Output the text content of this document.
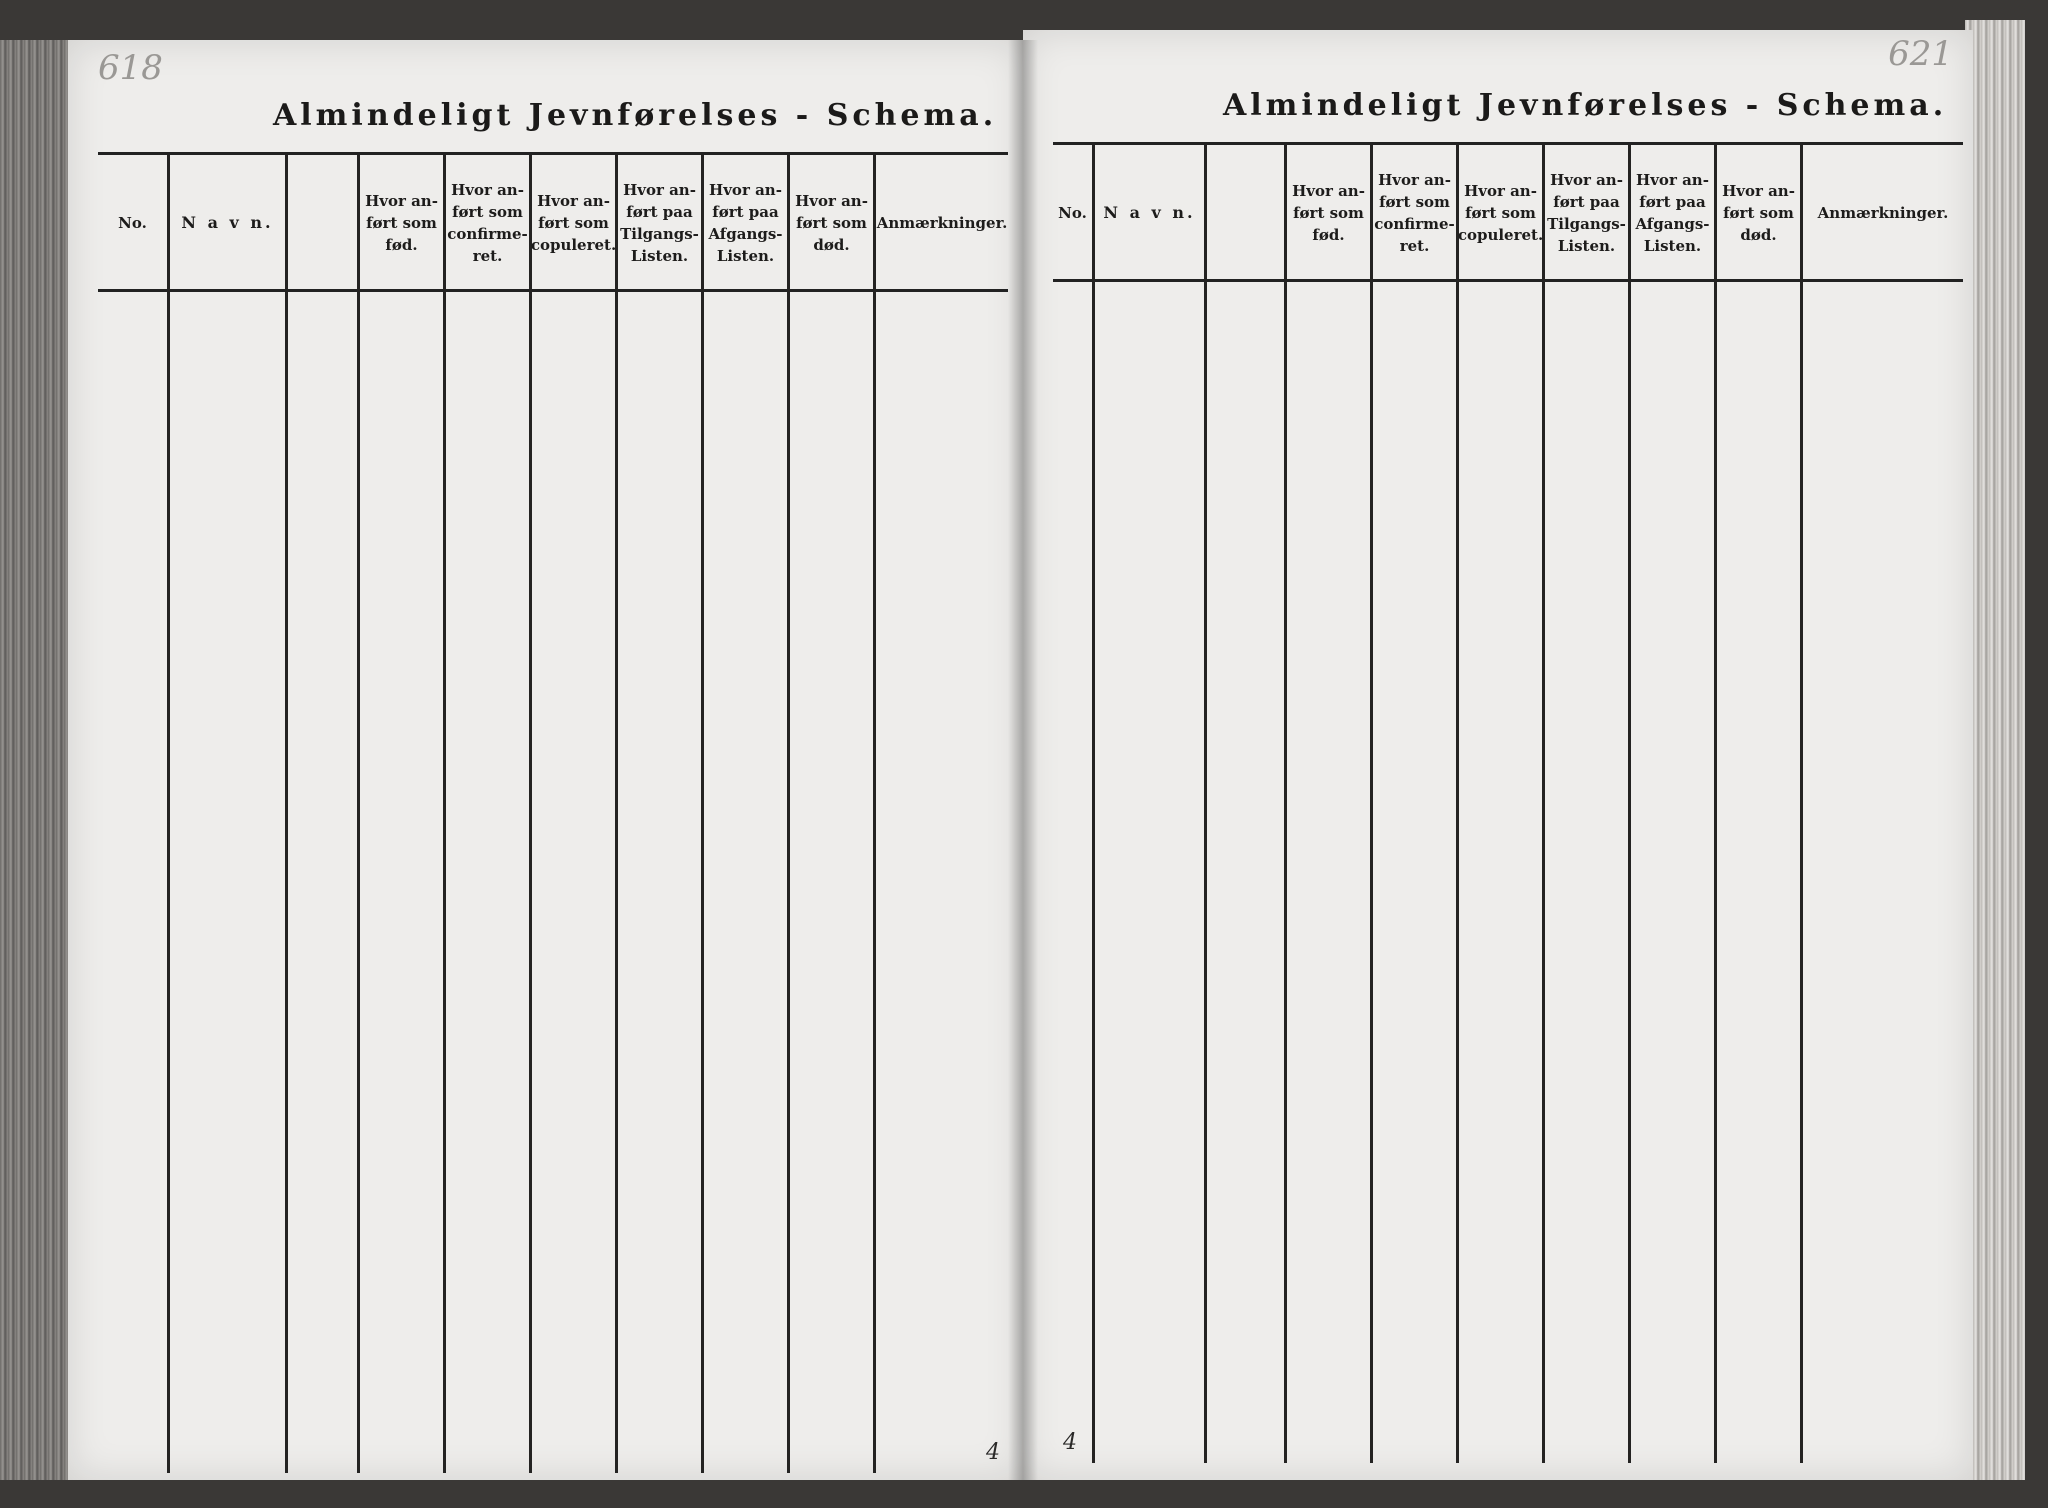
618
Almindeligt Jevnførelses - Schema.
No.	N a v n.
Hvor an-
ført som
fød.
Hvor an-
ført som
confirme-
ret.
Hvor an-
ført som
copuleret.
Hvor an-
ført paa
Tilgangs-
Listen.
Hvor an-
ført paa
Afgangs-
Listen.
Hvor an-
ført som
død.
Anmærkninger.
4
621
Almindeligt Jevnførelses - Schema.
No.	N a v n.
Hvor an-
ført som
fød.
Hvor an-
ført som
confirme-
ret.
Hvor an-
ført som
copuleret.
Hvor an-
ført paa
Tilgangs-
Listen.
Hvor an-
ført paa
Afgangs-
Listen.
Hvor an-
ført som
død.
Anmærkninger.
4
